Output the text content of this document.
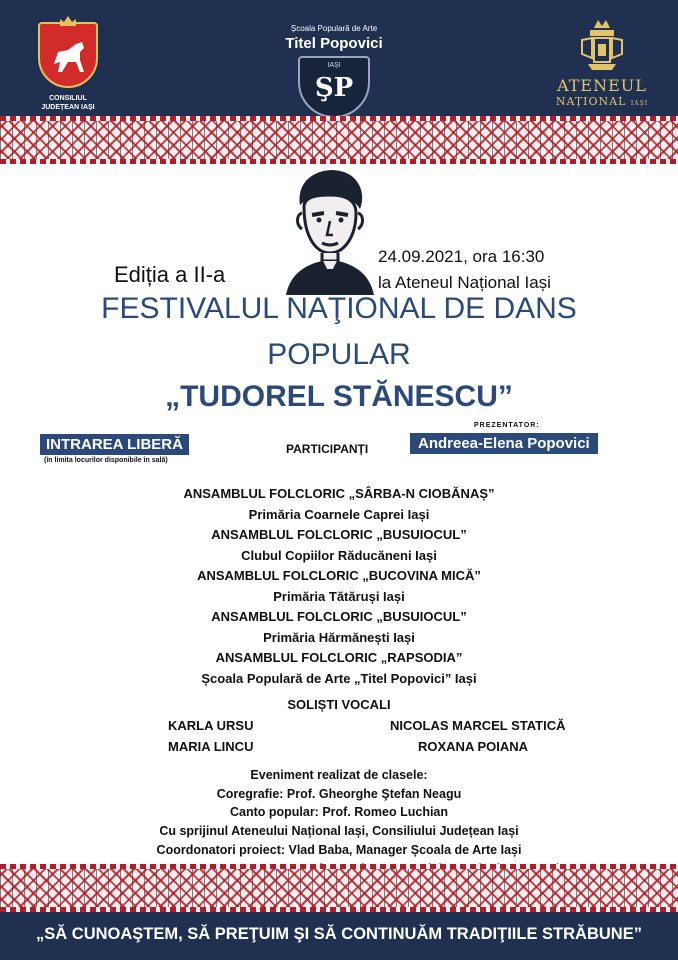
CONSILIUL JUDEȚEAN IAȘI
Școala Populară de Arte
Titel Popovici
IAȘI
ŞP	ATENEUL
NAȚIONAL IAȘI
Ediția a II-a
24.09.2021, ora 16:30
la Ateneul Național Iași
FESTIVALUL NAŢIONAL DE DANS
POPULAR
„TUDOREL STĂNESCU”
INTRAREA LIBERĂ
(în limita locurilor disponibile în sală)
PARTICIPANȚI
PREZENTATOR:
Andreea-Elena Popovici
ANSAMBLUL FOLCLORIC „SÂRBA-N CIOBĂNAȘ”
Primăria Coarnele Caprei Iași
ANSAMBLUL FOLCLORIC „BUSUIOCUL”
Clubul Copiilor Răducăneni Iași
ANSAMBLUL FOLCLORIC „BUCOVINA MICĂ”
Primăria Tătăruși Iași
ANSAMBLUL FOLCLORIC „BUSUIOCUL”
Primăria Hărmănești Iași
ANSAMBLUL FOLCLORIC „RAPSODIA”
Școala Populară de Arte „Titel Popovici” Iași
SOLIȘTI VOCALI
KARLA URSU
MARIA LINCU
NICOLAS MARCEL STATICĂ
ROXANA POIANA
Eveniment realizat de clasele:
Coregrafie: Prof. Gheorghe Ştefan Neagu
Canto popular: Prof. Romeo Luchian
Cu sprijinul Ateneului Național Iași, Consiliului Județean Iași
Coordonatori proiect: Vlad Baba, Manager Școala de Arte Iași
„SĂ CUNOAŞTEM, SĂ PREŢUIM ŞI SĂ CONTINUĂM TRADIŢIILE STRĂBUNE”
